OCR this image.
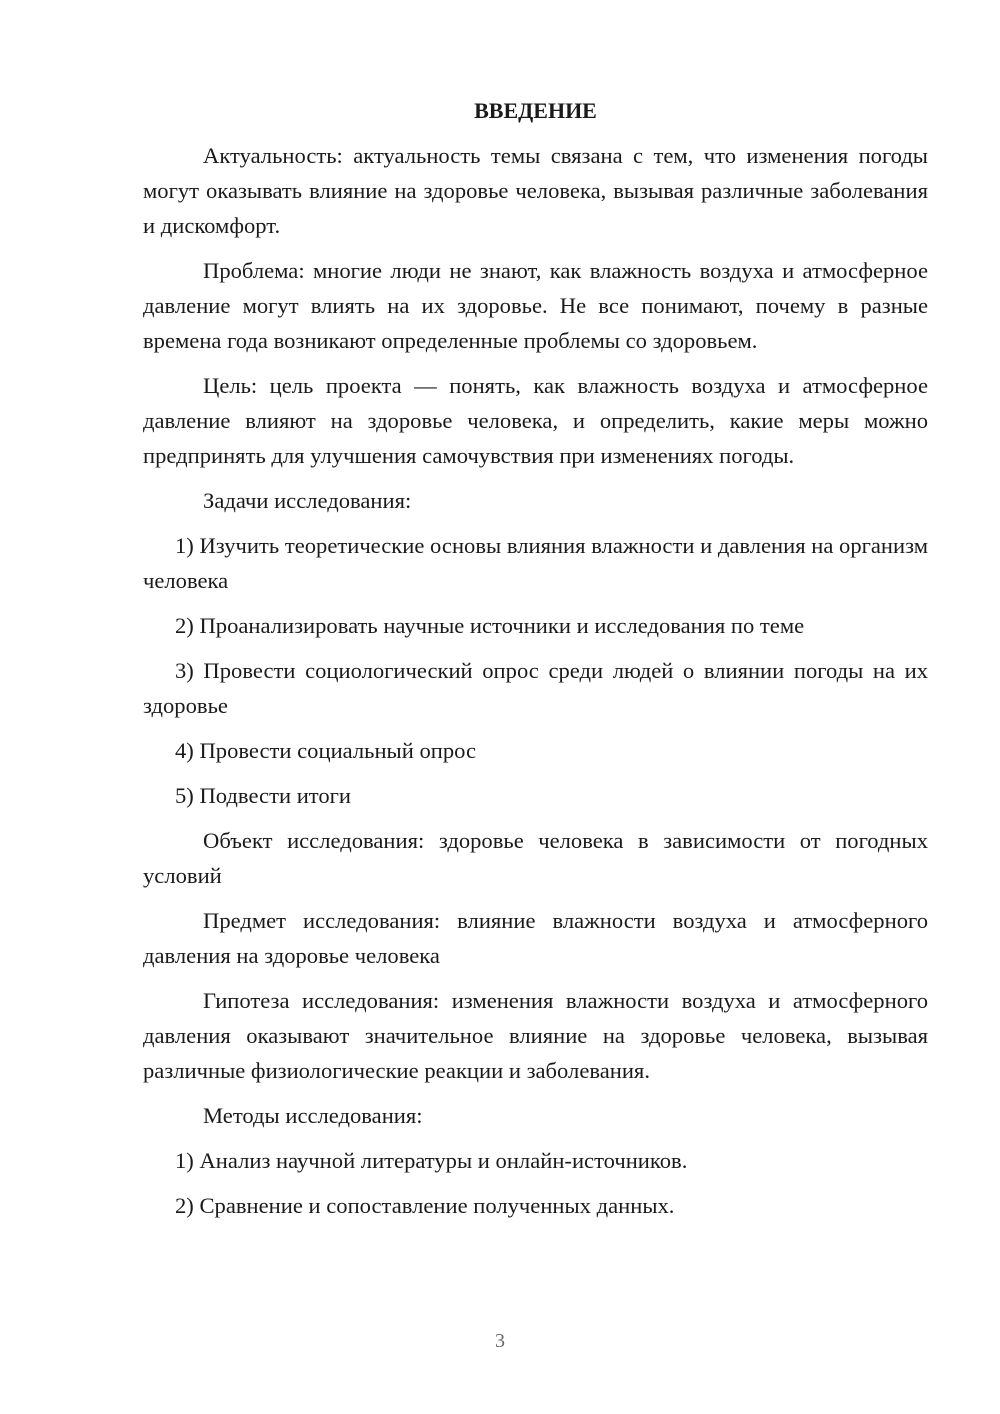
ВВЕДЕНИЕ

Актуальность: актуальность темы связана с тем, что изменения погоды могут оказывать влияние на здоровье человека, вызывая различные заболевания и дискомфорт.

Проблема: многие люди не знают, как влажность воздуха и атмосферное давление могут влиять на их здоровье. Не все понимают, почему в разные времена года возникают определенные проблемы со здоровьем.

Цель: цель проекта — понять, как влажность воздуха и атмосферное давление влияют на здоровье человека, и определить, какие меры можно предпринять для улучшения самочувствия при изменениях погоды.

Задачи исследования:

1) Изучить теоретические основы влияния влажности и давления на организм человека

2) Проанализировать научные источники и исследования по теме

3) Провести социологический опрос среди людей о влиянии погоды на их здоровье

4) Провести социальный опрос

5) Подвести итоги

Объект исследования: здоровье человека в зависимости от погодных условий

Предмет исследования: влияние влажности воздуха и атмосферного давления на здоровье человека

Гипотеза исследования: изменения влажности воздуха и атмосферного давления оказывают значительное влияние на здоровье человека, вызывая различные физиологические реакции и заболевания.

Методы исследования:

1) Анализ научной литературы и онлайн-источников.

2) Сравнение и сопоставление полученных данных.

3
